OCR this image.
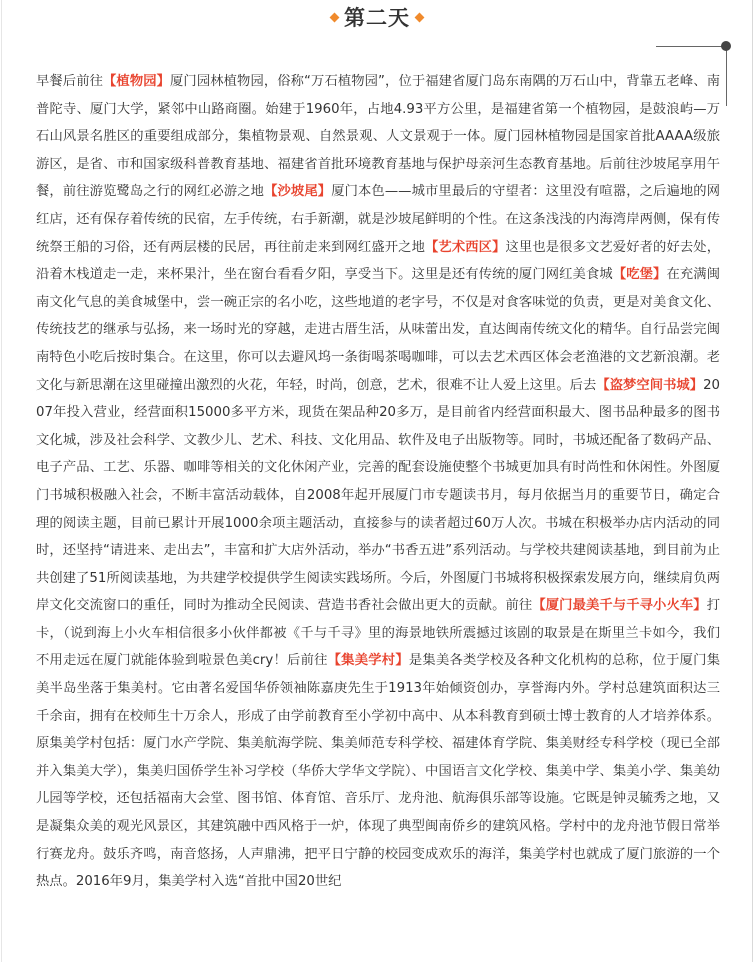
第二天
早餐后前往【植物园】厦门园林植物园，俗称“万石植物园”，位于福建省厦门岛东南隅的万石山中，背靠五老峰、南普陀寺、厦门大学，紧邻中山路商圈。始建于1960年，占地4.93平方公里，是福建省第一个植物园，是鼓浪屿—万石山风景名胜区的重要组成部分，集植物景观、自然景观、人文景观于一体。厦门园林植物园是国家首批AAAA级旅游区，是省、市和国家级科普教育基地、福建省首批环境教育基地与保护母亲河生态教育基地。后前往沙坡尾享用午餐，前往游览鹭岛之行的网红必游之地【沙坡尾】厦门本色——城市里最后的守望者：这里没有喧嚣，之后遍地的网红店，还有保存着传统的民宿，左手传统，右手新潮，就是沙坡尾鲜明的个性。在这条浅浅的内海湾岸两侧，保有传统祭王船的习俗，还有两层楼的民居，再往前走来到网红盛开之地【艺术西区】这里也是很多文艺爱好者的好去处，沿着木栈道走一走，来杯果汁，坐在窗台看看夕阳，享受当下。这里是还有传统的厦门网红美食城【吃堡】在充满闽南文化气息的美食城堡中，尝一碗正宗的名小吃，这些地道的老字号，不仅是对食客味觉的负责，更是对美食文化、传统技艺的继承与弘扬，来一场时光的穿越，走进古厝生活，从味蕾出发，直达闽南传统文化的精华。自行品尝完闽南特色小吃后按时集合。在这里，你可以去避风坞一条街喝茶喝咖啡，可以去艺术西区体会老渔港的文艺新浪潮。老文化与新思潮在这里碰撞出激烈的火花，年轻，时尚，创意，艺术，很难不让人爱上这里。后去【盗梦空间书城】2007年投入营业，经营面积15000多平方米，现货在架品种20多万，是目前省内经营面积最大、图书品种最多的图书文化城，涉及社会科学、文教少儿、艺术、科技、文化用品、软件及电子出版物等。同时，书城还配备了数码产品、电子产品、工艺、乐器、咖啡等相关的文化休闲产业，完善的配套设施使整个书城更加具有时尚性和休闲性。外图厦门书城积极融入社会，不断丰富活动载体，自2008年起开展厦门市专题读书月，每月依据当月的重要节日，确定合理的阅读主题，目前已累计开展1000余项主题活动，直接参与的读者超过60万人次。书城在积极举办店内活动的同时，还坚持“请进来、走出去”，丰富和扩大店外活动，举办“书香五进”系列活动。与学校共建阅读基地，到目前为止共创建了51所阅读基地，为共建学校提供学生阅读实践场所。今后，外图厦门书城将积极探索发展方向，继续肩负两岸文化交流窗口的重任，同时为推动全民阅读、营造书香社会做出更大的贡献。前往【厦门最美千与千寻小火车】打卡，（说到海上小火车相信很多小伙伴都被《千与千寻》里的海景地铁所震撼过该剧的取景是在斯里兰卡如今，我们不用走远在厦门就能体验到啦景色美cry！后前往【集美学村】是集美各类学校及各种文化机构的总称，位于厦门集美半岛坐落于集美村。它由著名爱国华侨领袖陈嘉庚先生于1913年始倾资创办，享誉海内外。学村总建筑面积达三千余亩，拥有在校师生十万余人，形成了由学前教育至小学初中高中、从本科教育到硕士博士教育的人才培养体系。原集美学村包括：厦门水产学院、集美航海学院、集美师范专科学校、福建体育学院、集美财经专科学校（现已全部并入集美大学），集美归国侨学生补习学校（华侨大学华文学院）、中国语言文化学校、集美中学、集美小学、集美幼儿园等学校，还包括福南大会堂、图书馆、体育馆、音乐厅、龙舟池、航海俱乐部等设施。它既是钟灵毓秀之地，又是凝集众美的观光风景区，其建筑融中西风格于一炉，体现了典型闽南侨乡的建筑风格。学村中的龙舟池节假日常举行赛龙舟。鼓乐齐鸣，南音悠扬，人声鼎沸，把平日宁静的校园变成欢乐的海洋，集美学村也就成了厦门旅游的一个热点。2016年9月，集美学村入选“首批中国20世纪
